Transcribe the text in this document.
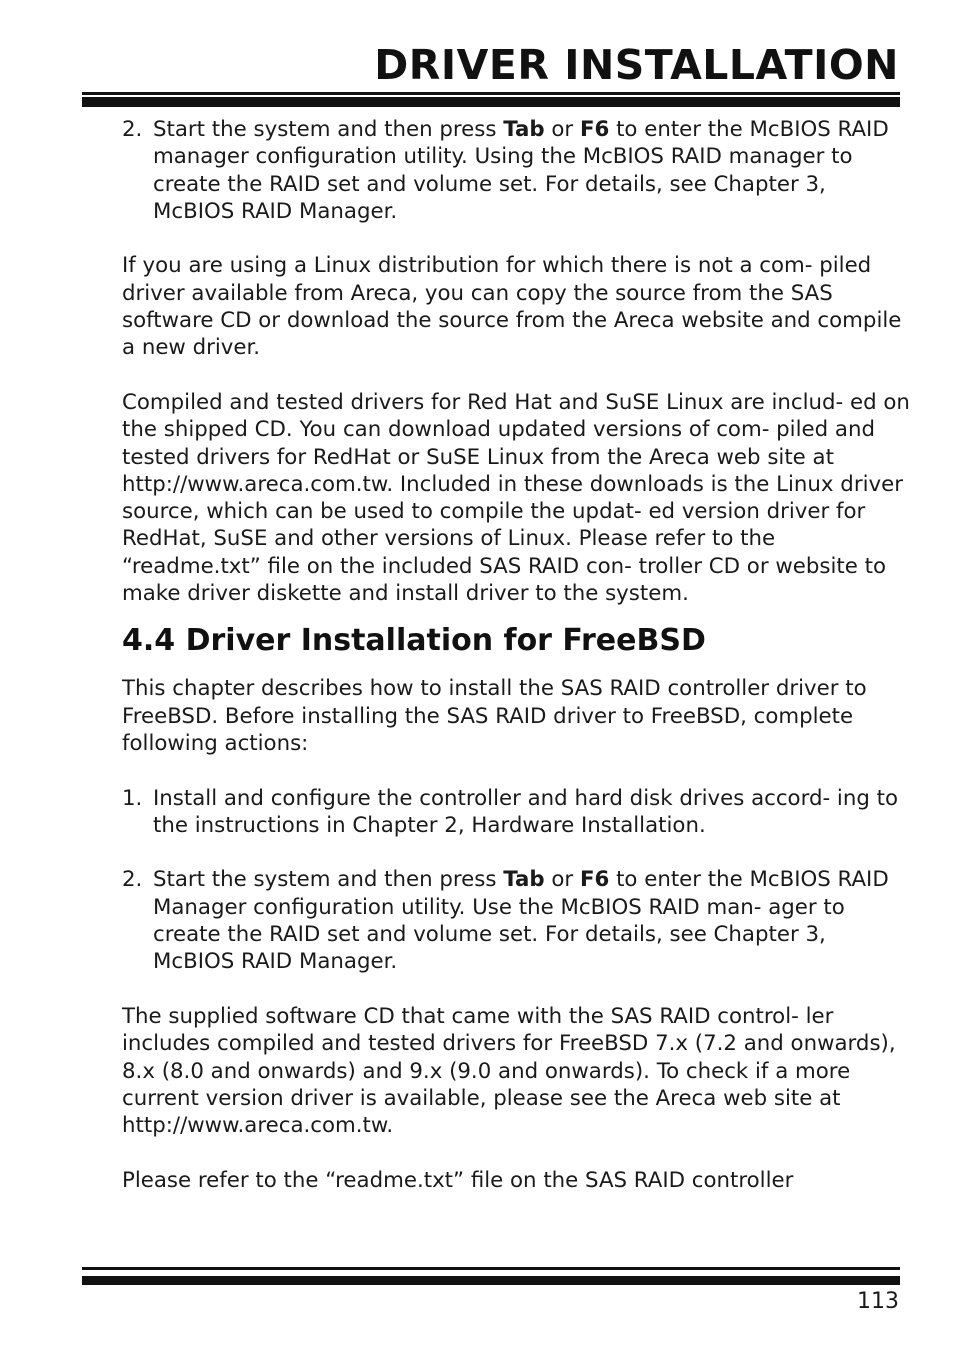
DRIVER INSTALLATION
2. Start the system and then press Tab or F6 to enter the McBIOS RAID manager configuration utility. Using the McBIOS RAID manager to create the RAID set and volume set. For details, see Chapter 3, McBIOS RAID Manager.

If you are using a Linux distribution for which there is not a com- piled driver available from Areca, you can copy the source from the SAS software CD or download the source from the Areca website and compile a new driver.

Compiled and tested drivers for Red Hat and SuSE Linux are includ- ed on the shipped CD. You can download updated versions of com- piled and tested drivers for RedHat or SuSE Linux from the Areca web site at http://www.areca.com.tw. Included in these downloads is the Linux driver source, which can be used to compile the updat- ed version driver for RedHat, SuSE and other versions of Linux. Please refer to the “readme.txt” file on the included SAS RAID con- troller CD or website to make driver diskette and install driver to the system.

4.4 Driver Installation for FreeBSD

This chapter describes how to install the SAS RAID controller driver to FreeBSD. Before installing the SAS RAID driver to FreeBSD, complete following actions:

1. Install and configure the controller and hard disk drives accord- ing to the instructions in Chapter 2, Hardware Installation.
2. Start the system and then press Tab or F6 to enter the McBIOS RAID Manager configuration utility. Use the McBIOS RAID man- ager to create the RAID set and volume set. For details, see Chapter 3, McBIOS RAID Manager.

The supplied software CD that came with the SAS RAID control- ler includes compiled and tested drivers for FreeBSD 7.x (7.2 and onwards), 8.x (8.0 and onwards) and 9.x (9.0 and onwards). To check if a more current version driver is available, please see the Areca web site at http://www.areca.com.tw.

Please refer to the “readme.txt” file on the SAS RAID controller

113
